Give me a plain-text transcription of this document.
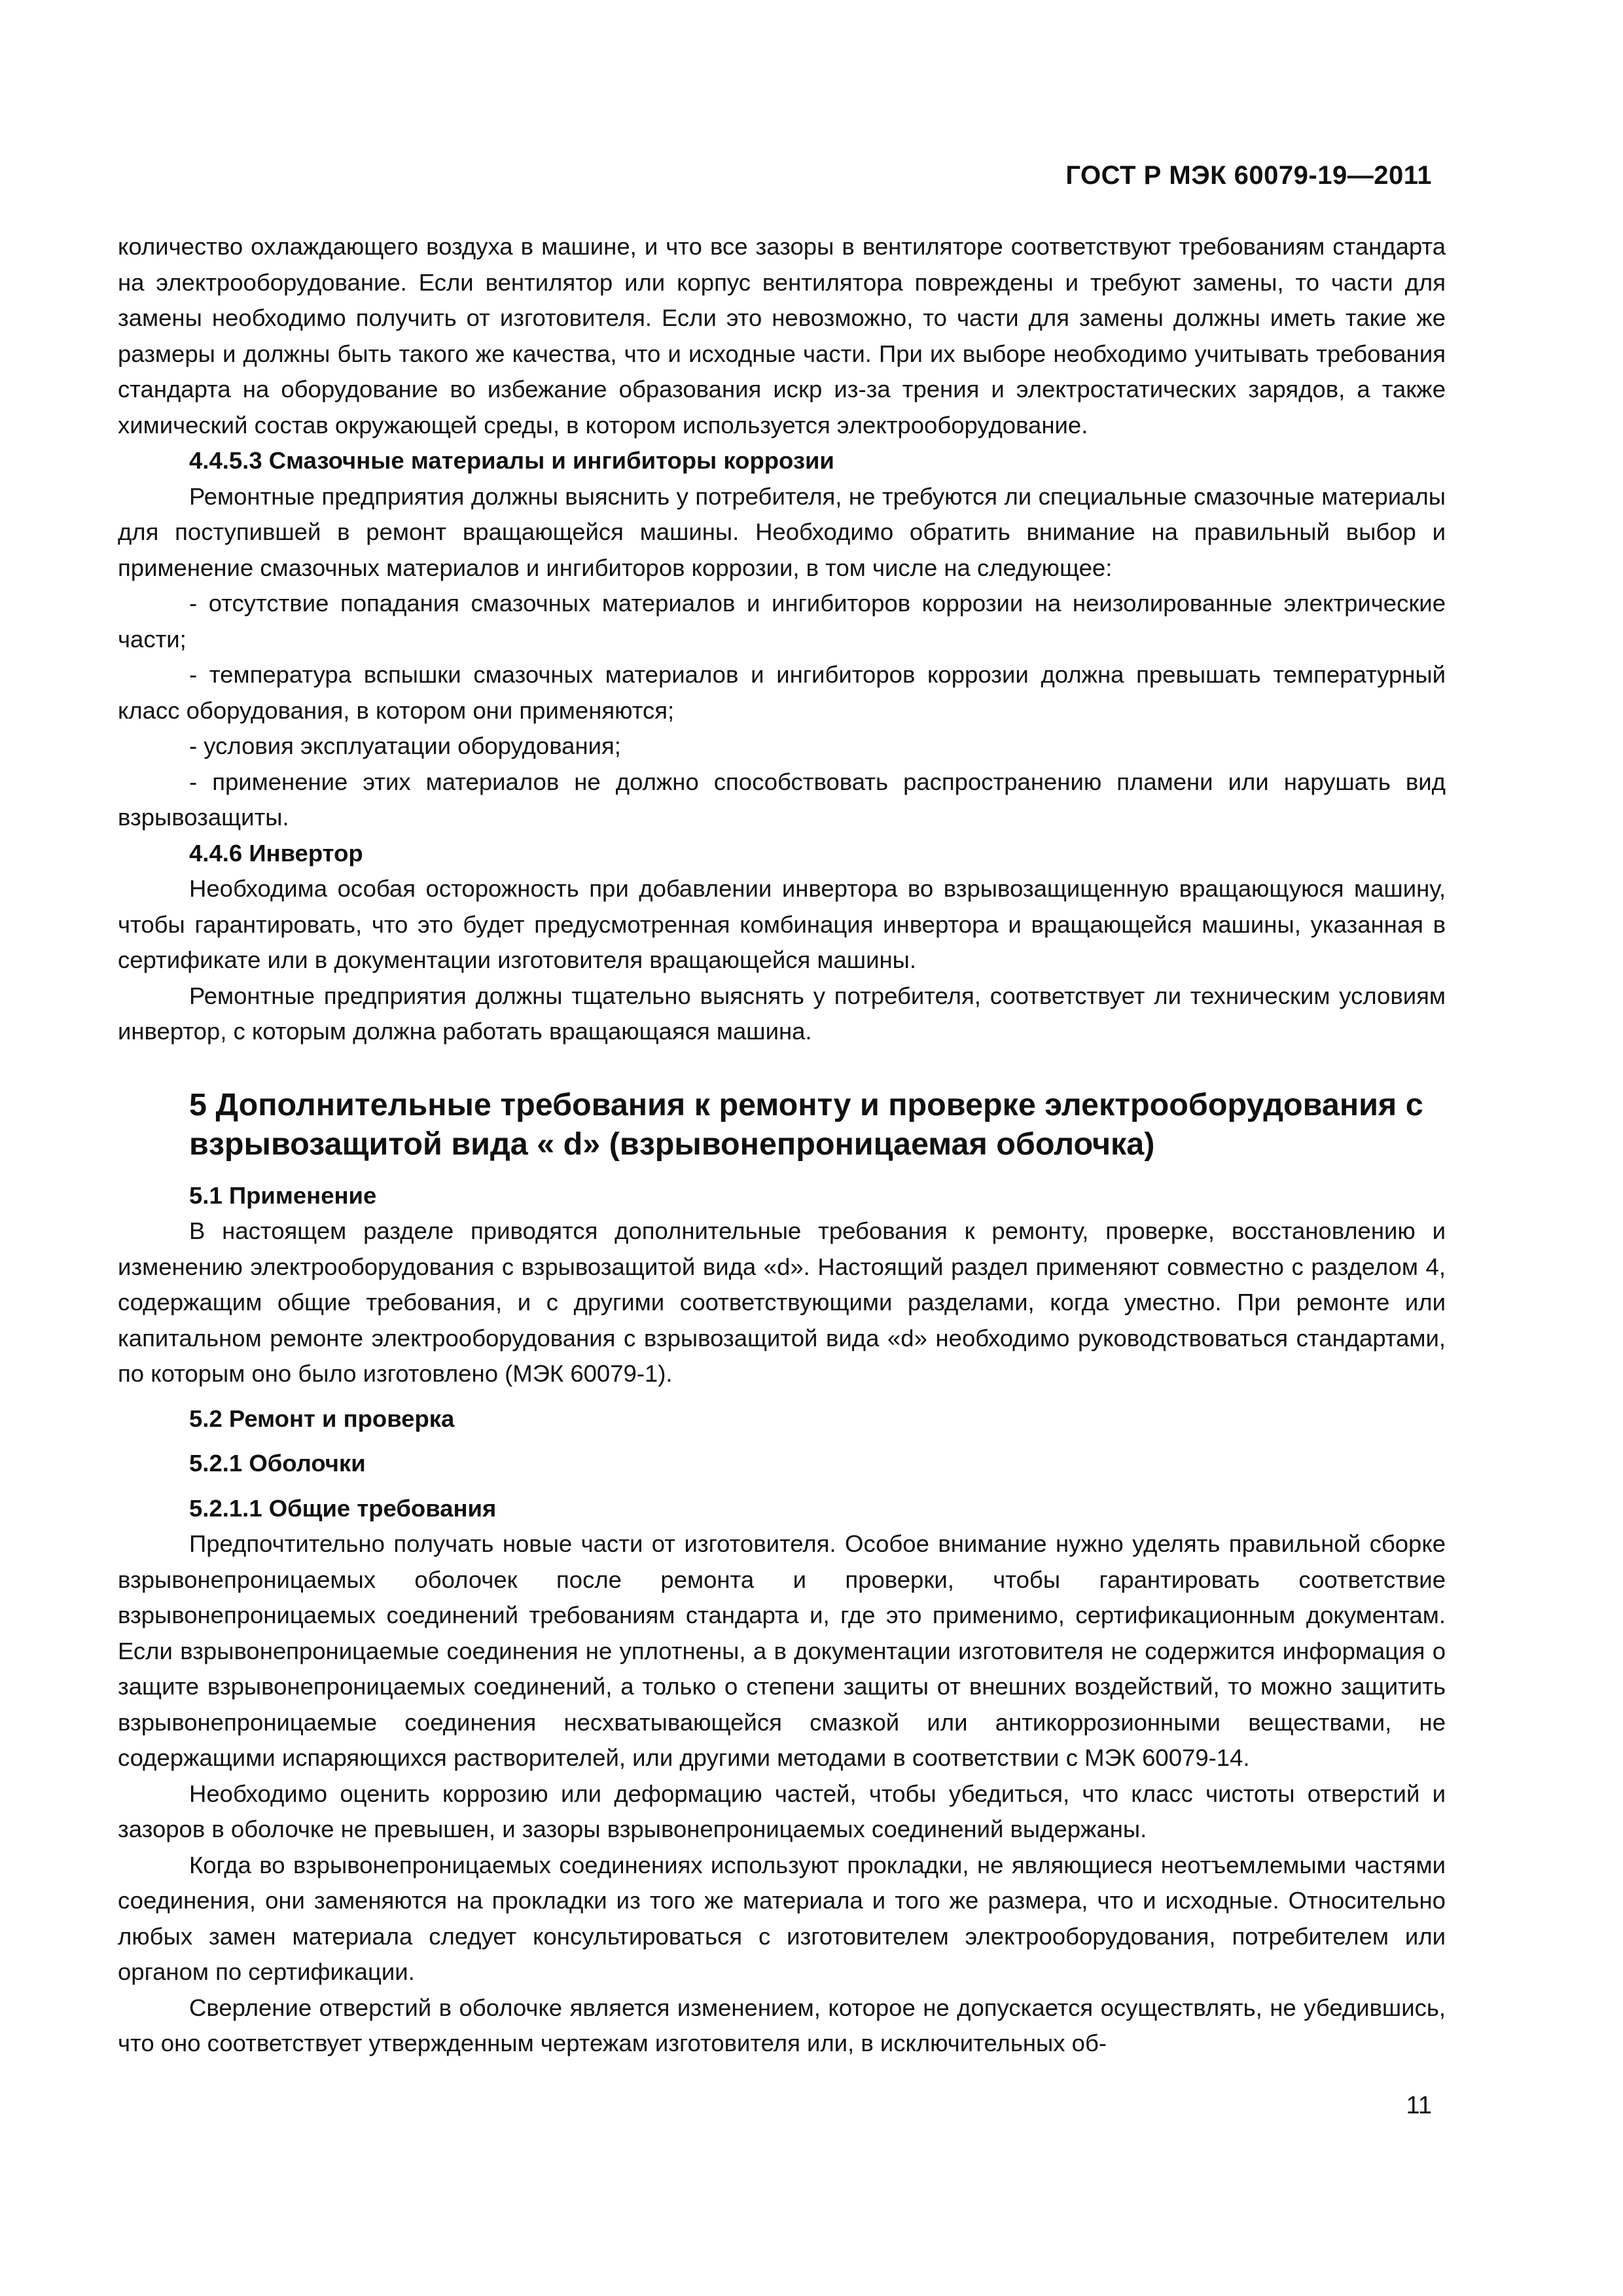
ГОСТ Р МЭК 60079-19—2011

количество охлаждающего воздуха в машине, и что все зазоры в вентиляторе соответствуют требованиям стандарта на электрооборудование. Если вентилятор или корпус вентилятора повреждены и требуют замены, то части для замены необходимо получить от изготовителя. Если это невозможно, то части для замены должны иметь такие же размеры и должны быть такого же качества, что и исходные части. При их выборе необходимо учитывать требования стандарта на оборудование во избежание образования искр из-за трения и электростатических зарядов, а также химический состав окружающей среды, в котором используется электрооборудование.

4.4.5.3 Смазочные материалы и ингибиторы коррозии

Ремонтные предприятия должны выяснить у потребителя, не требуются ли специальные смазочные материалы для поступившей в ремонт вращающейся машины. Необходимо обратить внимание на правильный выбор и применение смазочных материалов и ингибиторов коррозии, в том числе на следующее:

- отсутствие попадания смазочных материалов и ингибиторов коррозии на неизолированные электрические части;

- температура вспышки смазочных материалов и ингибиторов коррозии должна превышать температурный класс оборудования, в котором они применяются;

- условия эксплуатации оборудования;

- применение этих материалов не должно способствовать распространению пламени или нарушать вид взрывозащиты.

4.4.6 Инвертор

Необходима особая осторожность при добавлении инвертора во взрывозащищенную вращающуюся машину, чтобы гарантировать, что это будет предусмотренная комбинация инвертора и вращающейся машины, указанная в сертификате или в документации изготовителя вращающейся машины.

Ремонтные предприятия должны тщательно выяснять у потребителя, соответствует ли техническим условиям инвертор, с которым должна работать вращающаяся машина.

5 Дополнительные требования к ремонту и проверке электрооборудования с взрывозащитой вида « d» (взрывонепроницаемая оболочка)
5.1 Применение

В настоящем разделе приводятся дополнительные требования к ремонту, проверке, восстановлению и изменению электрооборудования с взрывозащитой вида «d». Настоящий раздел применяют совместно с разделом 4, содержащим общие требования, и с другими соответствующими разделами, когда уместно. При ремонте или капитальном ремонте электрооборудования с взрывозащитой вида «d» необходимо руководствоваться стандартами, по которым оно было изготовлено (МЭК 60079-1).

5.2 Ремонт и проверка
5.2.1 Оболочки
5.2.1.1 Общие требования

Предпочтительно получать новые части от изготовителя. Особое внимание нужно уделять правильной сборке взрывонепроницаемых оболочек после ремонта и проверки, чтобы гарантировать соответствие взрывонепроницаемых соединений требованиям стандарта и, где это применимо, сертификационным документам. Если взрывонепроницаемые соединения не уплотнены, а в документации изготовителя не содержится информация о защите взрывонепроницаемых соединений, а только о степени защиты от внешних воздействий, то можно защитить взрывонепроницаемые соединения несхватывающейся смазкой или антикоррозионными веществами, не содержащими испаряющихся растворителей, или другими методами в соответствии с МЭК 60079-14.

Необходимо оценить коррозию или деформацию частей, чтобы убедиться, что класс чистоты отверстий и зазоров в оболочке не превышен, и зазоры взрывонепроницаемых соединений выдержаны.

Когда во взрывонепроницаемых соединениях используют прокладки, не являющиеся неотъемлемыми частями соединения, они заменяются на прокладки из того же материала и того же размера, что и исходные. Относительно любых замен материала следует консультироваться с изготовителем электрооборудования, потребителем или органом по сертификации.

Сверление отверстий в оболочке является изменением, которое не допускается осуществлять, не убедившись, что оно соответствует утвержденным чертежам изготовителя или, в исключительных об-

11
